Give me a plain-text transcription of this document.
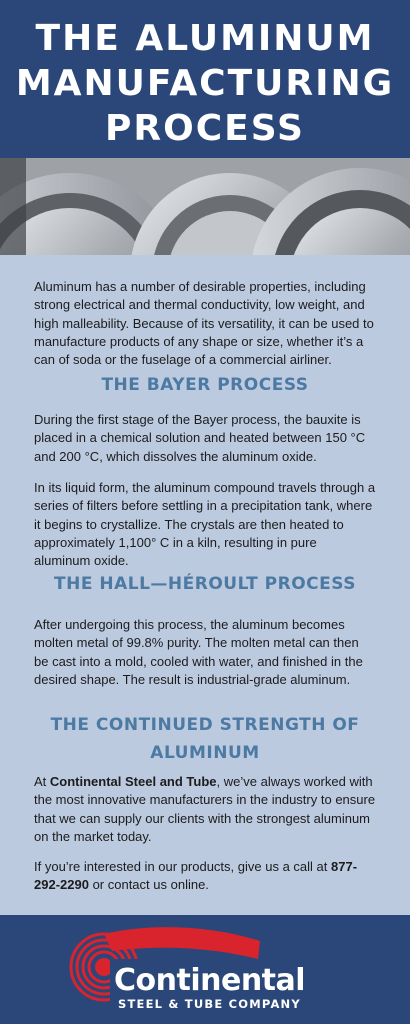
THE ALUMINUM
MANUFACTURING
PROCESS

Aluminum has a number of desirable properties, including strong electrical and thermal conductivity, low weight, and high malleability. Because of its versatility, it can be used to manufacture products of any shape or size, whether it’s a can of soda or the fuselage of a commercial airliner.

THE BAYER PROCESS

During the first stage of the Bayer process, the bauxite is placed in a chemical solution and heated between 150 °C and 200 °C, which dissolves the aluminum oxide.

In its liquid form, the aluminum compound travels through a series of filters before settling in a precipitation tank, where it begins to crystallize. The crystals are then heated to approximately 1,100° C in a kiln, resulting in pure aluminum oxide.

THE HALL—HÉROULT PROCESS

After undergoing this process, the aluminum becomes molten metal of 99.8% purity. The molten metal can then be cast into a mold, cooled with water, and finished in the desired shape. The result is industrial-grade aluminum.

THE CONTINUED STRENGTH OF
ALUMINUM

At Continental Steel and Tube, we’ve always worked with the most innovative manufacturers in the industry to ensure that we can supply our clients with the strongest aluminum on the market today.

If you’re interested in our products, give us a call at 877-292-2290 or contact us online.

Continental
STEEL & TUBE COMPANY
